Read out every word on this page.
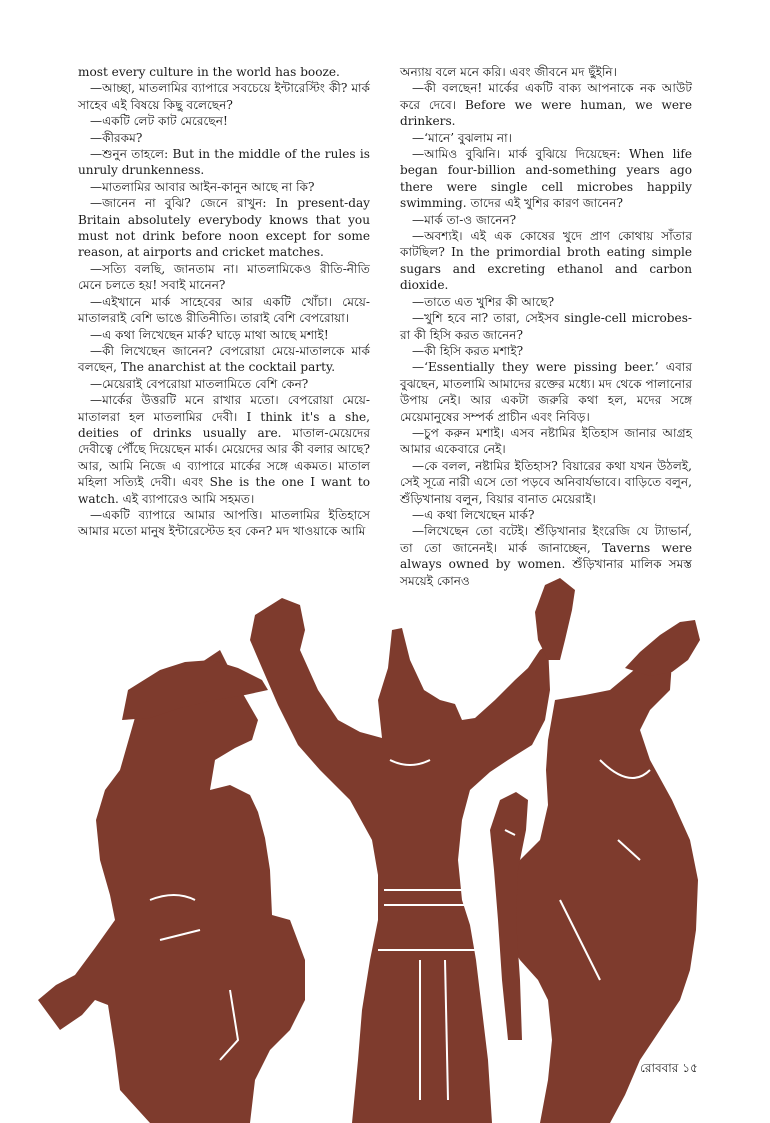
most every culture in the world has booze.

—আচ্ছা, মাতলামির ব্যাপারে সবচেয়ে ইন্টারেস্টিং কী? মার্ক সাহেব এই বিষয়ে কিছু বলেছেন?

—একটি লেট কাট মেরেছেন!

—কীরকম?

—শুনুন তাহলে: But in the middle of the rules is unruly drunkenness.

—মাতলামির আবার আইন-কানুন আছে না কি?

—জানেন না বুঝি? জেনে রাখুন: In present-day Britain absolutely everybody knows that you must not drink before noon except for some reason, at airports and cricket matches.

—সত্যি বলছি, জানতাম না। মাতলামিকেও রীতি-নীতি মেনে চলতে হয়! সবাই মানেন?

—এইখানে মার্ক সাহেবের আর একটি খোঁচা। মেয়ে-মাতালরাই বেশি ভাঙে রীতিনীতি। তারাই বেশি বেপরোয়া।

—এ কথা লিখেছেন মার্ক? ঘাড়ে মাথা আছে মশাই!

—কী লিখেছেন জানেন? বেপরোয়া মেয়ে-মাতালকে মার্ক বলছেন, The anarchist at the cocktail party.

—মেয়েরাই বেপরোয়া মাতলামিতে বেশি কেন?

—মার্কের উত্তরটি মনে রাখার মতো। বেপরোয়া মেয়ে-মাতালরা হল মাতলামির দেবী। I think it's a she, deities of drinks usually are. মাতাল-মেয়েদের দেবীত্বে পৌঁছে দিয়েছেন মার্ক। মেয়েদের আর কী বলার আছে? আর, আমি নিজে এ ব্যাপারে মার্কের সঙ্গে একমত। মাতাল মহিলা সত্যিই দেবী। এবং She is the one I want to watch. এই ব্যাপারেও আমি সহমত।

—একটি ব্যাপারে আমার আপত্তি। মাতলামির ইতিহাসে আমার মতো মানুষ ইন্টারেস্টেড হব কেন? মদ খাওয়াকে আমি

অন্যায় বলে মনে করি। এবং জীবনে মদ ছুঁইনি।

—কী বলছেন! মার্কের একটি বাক্য আপনাকে নক আউট করে দেবে। Before we were human, we were drinkers.

—‘মানে’ বুঝলাম না।

—আমিও বুঝিনি। মার্ক বুঝিয়ে দিয়েছেন: When life began four-billion and-something years ago there were single cell microbes happily swimming. তাদের এই খুশির কারণ জানেন?

—মার্ক তা-ও জানেন?

—অবশ্যই। এই এক কোষের খুদে প্রাণ কোথায় সাঁতার কাটছিল? In the primordial broth eating simple sugars and excreting ethanol and carbon dioxide.

—তাতে এত খুশির কী আছে?

—খুশি হবে না? তারা, সেইসব single-cell microbes-রা কী হিসি করত জানেন?

—কী হিসি করত মশাই?

—‘Essentially they were pissing beer.’ এবার বুঝছেন, মাতলামি আমাদের রক্তের মধ্যে। মদ থেকে পালানোর উপায় নেই। আর একটা জরুরি কথা হল, মদের সঙ্গে মেয়েমানুষের সম্পর্ক প্রাচীন এবং নিবিড়।

—চুপ করুন মশাই। এসব নষ্টামির ইতিহাস জানার আগ্রহ আমার একেবারে নেই।

—কে বলল, নষ্টামির ইতিহাস? বিয়ারের কথা যখন উঠলই, সেই সূত্রে নারী এসে তো পড়বে অনিবার্যভাবে। বাড়িতে বলুন, শুঁড়িখানায় বলুন, বিয়ার বানাত মেয়েরাই।

—এ কথা লিখেছেন মার্ক?

—লিখেছেন তো বটেই। শুঁড়িখানার ইংরেজি যে ট্যাভার্ন, তা তো জানেনই। মার্ক জানাচ্ছেন, Taverns were always owned by women. শুঁড়িখানার মালিক সমস্ত সময়েই কোনও

রোববার ১৫
